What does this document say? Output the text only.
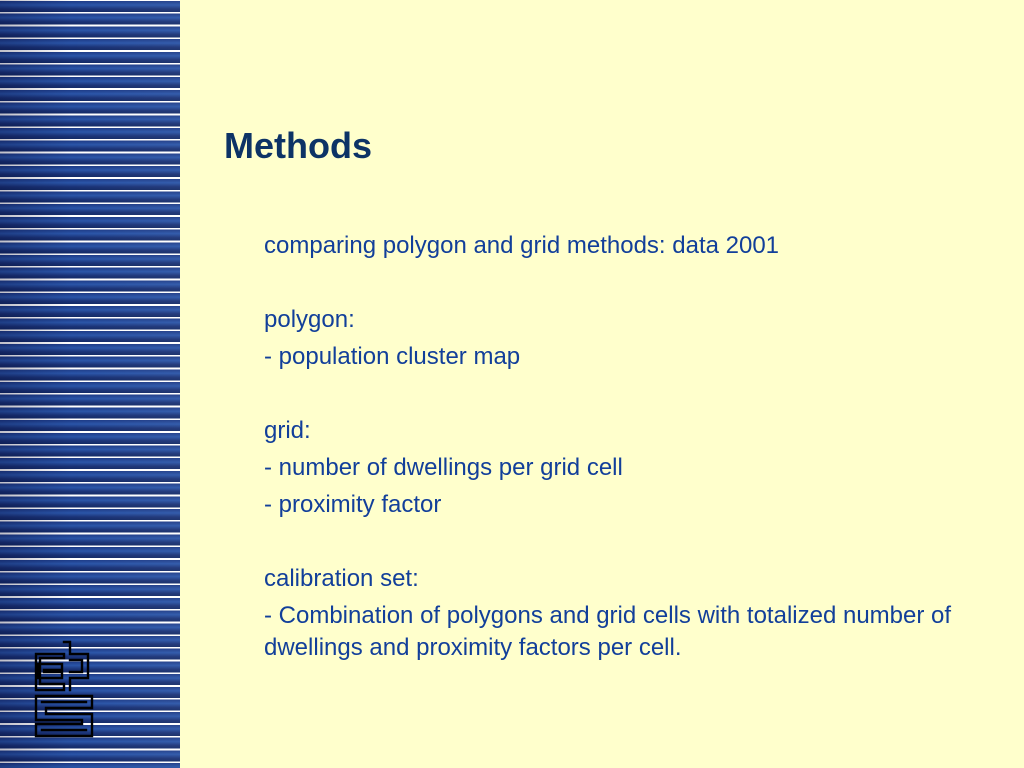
Methods

comparing polygon and grid methods: data 2001

polygon:

- population cluster map

grid:

- number of dwellings per grid cell

- proximity factor

calibration set:

- Combination of polygons and grid cells with totalized number of dwellings and proximity factors per cell.
